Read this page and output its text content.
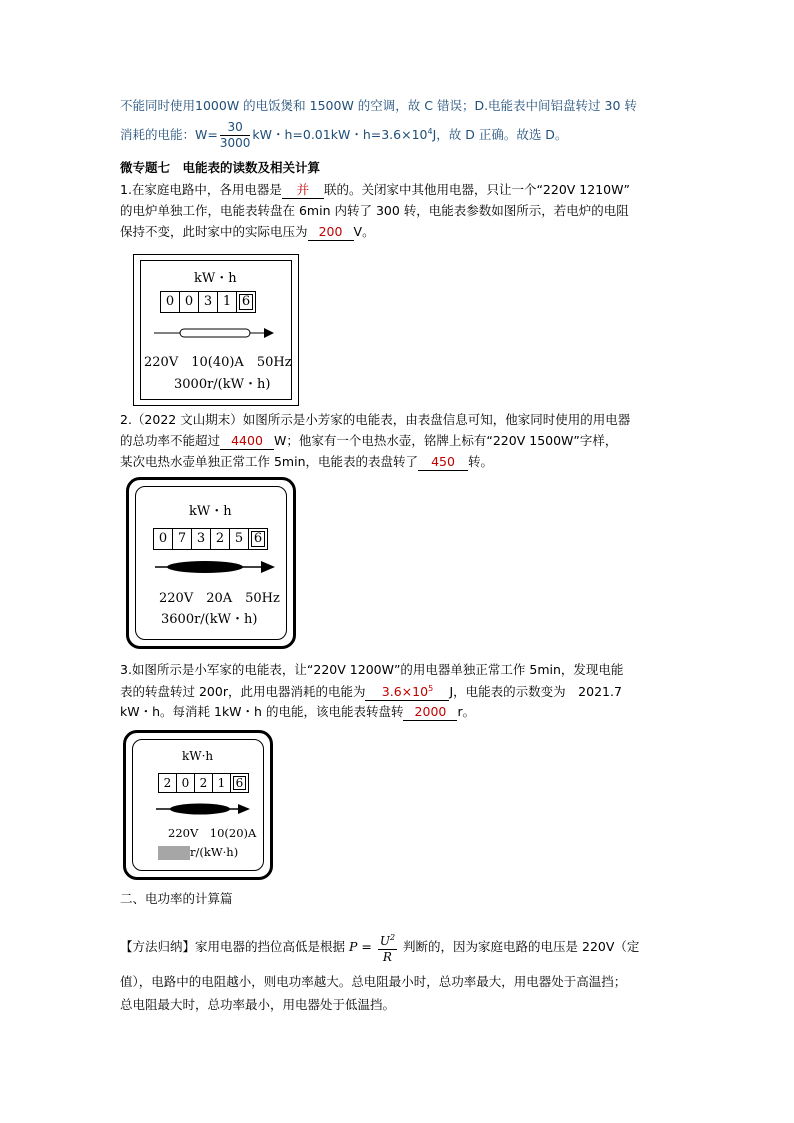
不能同时使用1000W 的电饭煲和 1500W 的空调，故 C 错误；D.电能表中间铝盘转过 30 转
消耗的电能：$W= \frac{30}{3000}$ kW・h=0.01kW・$h=3.6\times 10^4J$，故 D 正确。故选 D。
微专题七　电能表的读数及相关计算
1.在家庭电路中，各用电器是 并 联的。关闭家中其他用电器，只让一个“220V 1210W”
的电炉单独工作，电能表转盘在 6min 内转了 300 转，电能表参数如图所示，若电炉的电阻
保持不变，此时家中的实际电压为 200 V。
kW・h
0 0 3 1 6
220V　10(40)A　50Hz
3000r/(kW・h)
2.（2022 文山期末）如图所示是小芳家的电能表，由表盘信息可知，他家同时使用的用电器
的总功率不能超过 4400 W；他家有一个电热水壶，铭牌上标有“220V 1500W”字样，
某次电热水壶单独正常工作 5min，电能表的表盘转了 450 转。
kW・h
0 7 3 2 5 6
220V　20A　50Hz
3600r/(kW・h)
3.如图所示是小军家的电能表，让“220V 1200W”的用电器单独正常工作 5min，发现电能
表的转盘转过 200r，此用电器消耗的电能为 $3.6\times 10^5$ J，电能表的示数变为　2021.7
kW・h。每消耗 1kW・h 的电能，该电能表转盘转 2000 r。
kW·h
2 0 2 1 6
220V　10(20)A
r/(kW·h)
二、电功率的计算篇
【方法归纳】家用电器的挡位高低是根据 $P = \frac{U^2}{R}$ 判断的，因为家庭电路的电压是 220V（定
值），电路中的电阻越小，则电功率越大。总电阻最小时，总功率最大，用电器处于高温挡；
总电阻最大时，总功率最小，用电器处于低温挡。
